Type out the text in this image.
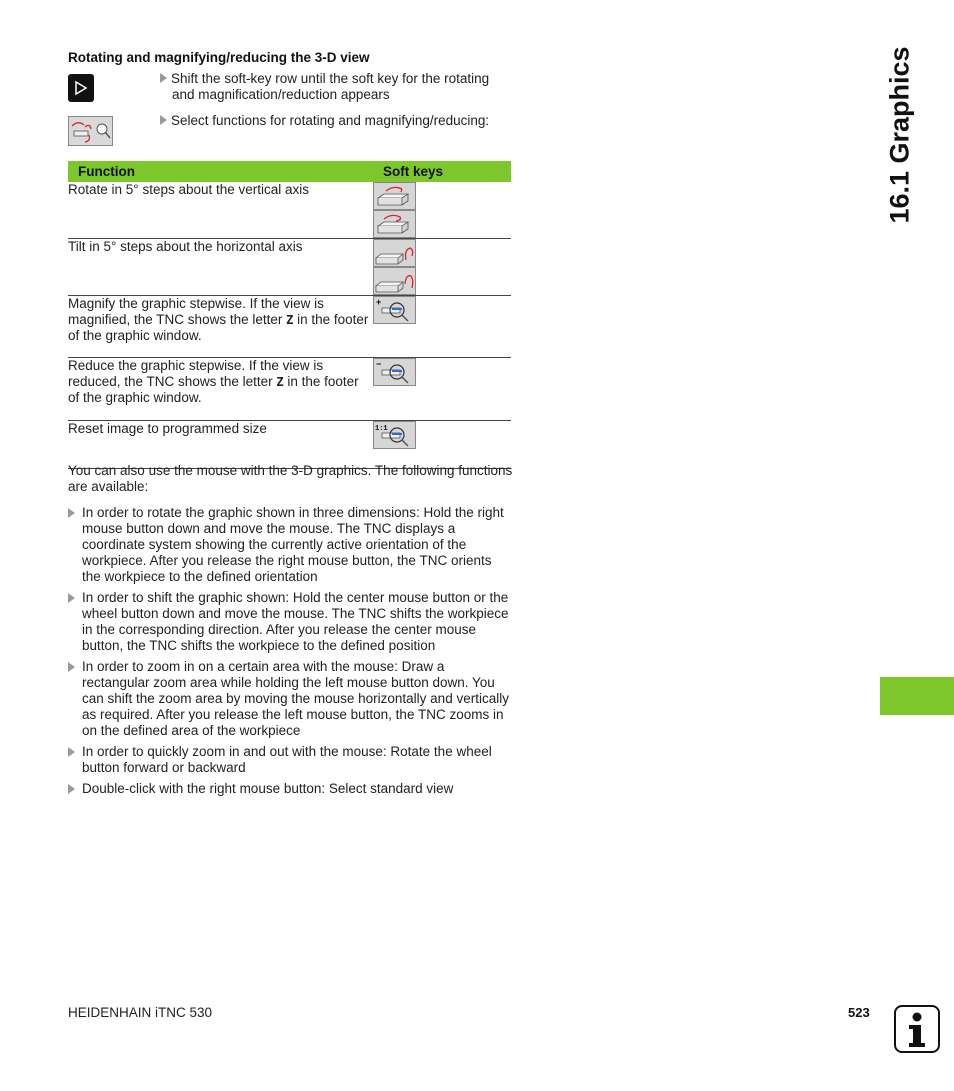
Rotating and magnifying/reducing the 3-D view
Shift the soft-key row until the soft key for the rotating
and magnification/reduction appears
Select functions for rotating and magnifying/reducing:
Function	Soft keys
Rotate in 5° steps about the vertical axis	

Tilt in 5° steps about the horizontal axis	

Magnify the graphic stepwise. If the view is magnified, the TNC shows the letter Z in the footer of the graphic window.	+

Reduce the graphic stepwise. If the view is reduced, the TNC shows the letter Z in the footer of the graphic window.	−

Reset image to programmed size	1:1
You can also use the mouse with the 3-D graphics. The following functions are available:
In order to rotate the graphic shown in three dimensions: Hold the right mouse button down and move the mouse. The TNC displays a coordinate system showing the currently active orientation of the workpiece. After you release the right mouse button, the TNC orients the workpiece to the defined orientation
In order to shift the graphic shown: Hold the center mouse button or the wheel button down and move the mouse. The TNC shifts the workpiece in the corresponding direction. After you release the center mouse button, the TNC shifts the workpiece to the defined position
In order to zoom in on a certain area with the mouse: Draw a rectangular zoom area while holding the left mouse button down. You can shift the zoom area by moving the mouse horizontally and vertically as required. After you release the left mouse button, the TNC zooms in on the defined area of the workpiece
In order to quickly zoom in and out with the mouse: Rotate the wheel button forward or backward
Double-click with the right mouse button: Select standard view
16.1 Graphics
HEIDENHAIN iTNC 530	523
